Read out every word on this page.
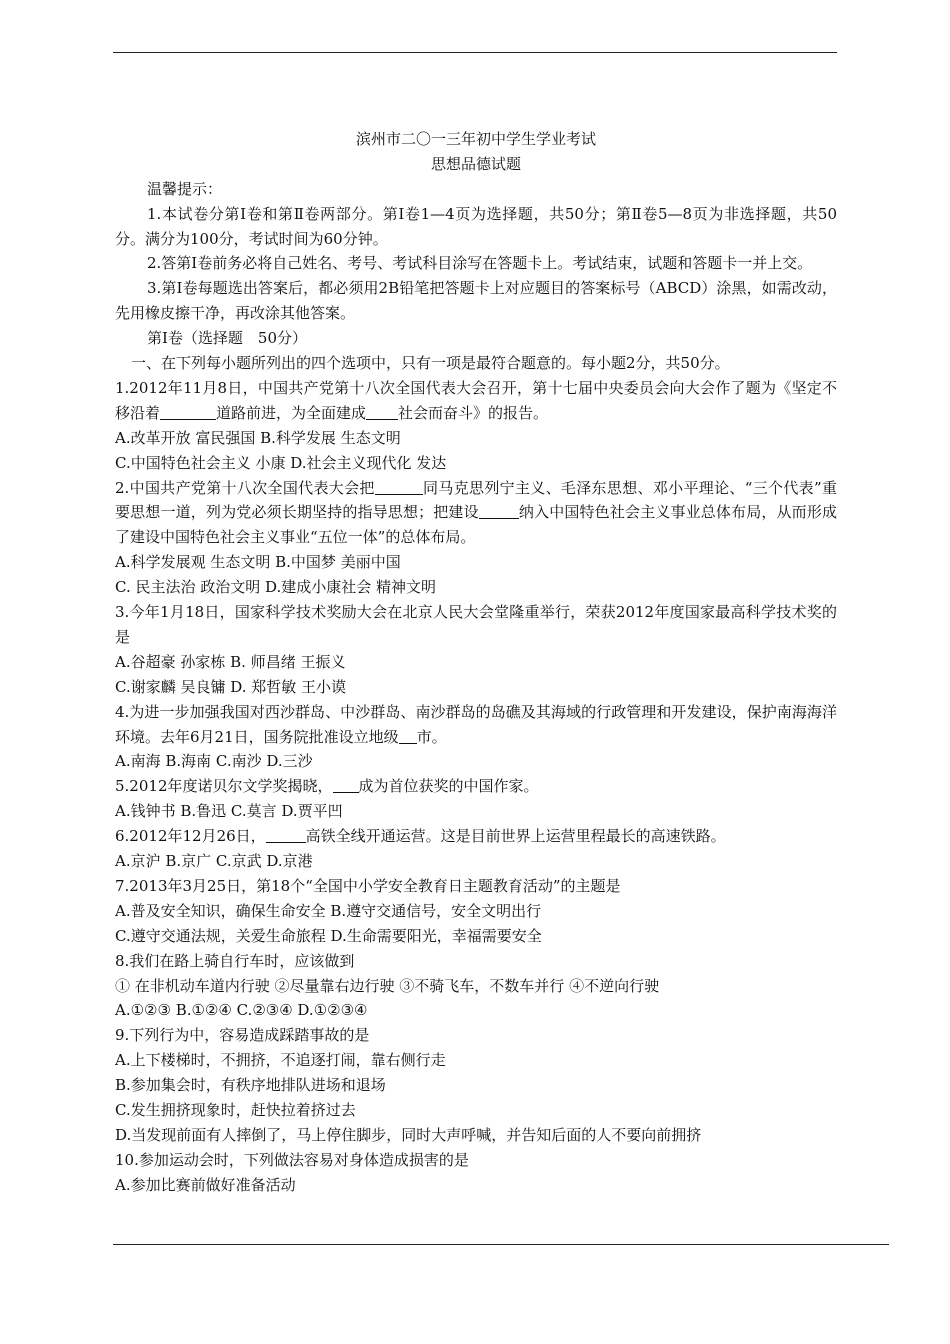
滨州市二〇一三年初中学生学业考试
思想品德试题
温馨提示：
1.本试卷分第Ⅰ卷和第Ⅱ卷两部分。第Ⅰ卷1—4页为选择题，共50分；第Ⅱ卷5—8页为非选择题，共50分。满分为100分，考试时间为60分钟。
2.答第Ⅰ卷前务必将自己姓名、考号、考试科目涂写在答题卡上。考试结束，试题和答题卡一并上交。
3.第Ⅰ卷每题选出答案后，都必须用2B铅笔把答题卡上对应题目的答案标号（ABCD）涂黑，如需改动，先用橡皮擦干净，再改涂其他答案。
第Ⅰ卷（选择题　50分）
一、在下列每小题所列出的四个选项中，只有一项是最符合题意的。每小题2分，共50分。
1.2012年11月8日，中国共产党第十八次全国代表大会召开，第十七届中央委员会向大会作了题为《坚定不移沿着	道路前进，为全面建成 社会而奋斗》的报告。
A.改革开放 富民强国 B.科学发展 生态文明
C.中国特色社会主义 小康 D.社会主义现代化 发达
2.中国共产党第十八次全国代表大会把	同马克思列宁主义、毛泽东思想、邓小平理论、“三个代表”重要思想一道，列为党必须长期坚持的指导思想；把建设	纳入中国特色社会主义事业总体布局，从而形成了建设中国特色社会主义事业“五位一体”的总体布局。
A.科学发展观 生态文明 B.中国梦 美丽中国
C. 民主法治 政治文明 D.建成小康社会 精神文明
3.今年1月18日，国家科学技术奖励大会在北京人民大会堂隆重举行，荣获2012年度国家最高科学技术奖的是
A.谷超豪 孙家栋 B. 师昌绪 王振义
C.谢家麟 吴良镛 D. 郑哲敏 王小谟
4.为进一步加强我国对西沙群岛、中沙群岛、南沙群岛的岛礁及其海域的行政管理和开发建设，保护南海海洋环境。去年6月21日，国务院批准设立地级 市。
A.南海 B.海南 C.南沙 D.三沙
5.2012年度诺贝尔文学奖揭晓， 成为首位获奖的中国作家。
A.钱钟书 B.鲁迅 C.莫言 D.贾平凹
6.2012年12月26日，	高铁全线开通运营。这是目前世界上运营里程最长的高速铁路。
A.京沪 B.京广 C.京武 D.京港
7.2013年3月25日，第18个“全国中小学安全教育日主题教育活动”的主题是
A.普及安全知识，确保生命安全 B.遵守交通信号，安全文明出行
C.遵守交通法规，关爱生命旅程 D.生命需要阳光，幸福需要安全
8.我们在路上骑自行车时，应该做到
① 在非机动车道内行驶 ②尽量靠右边行驶 ③不骑飞车，不数车并行 ④不逆向行驶
A.①②③ B.①②④ C.②③④ D.①②③④
9.下列行为中，容易造成踩踏事故的是
A.上下楼梯时，不拥挤，不追逐打闹，靠右侧行走
B.参加集会时，有秩序地排队进场和退场
C.发生拥挤现象时，赶快拉着挤过去
D.当发现前面有人摔倒了，马上停住脚步，同时大声呼喊，并告知后面的人不要向前拥挤
10.参加运动会时，下列做法容易对身体造成损害的是
A.参加比赛前做好准备活动
